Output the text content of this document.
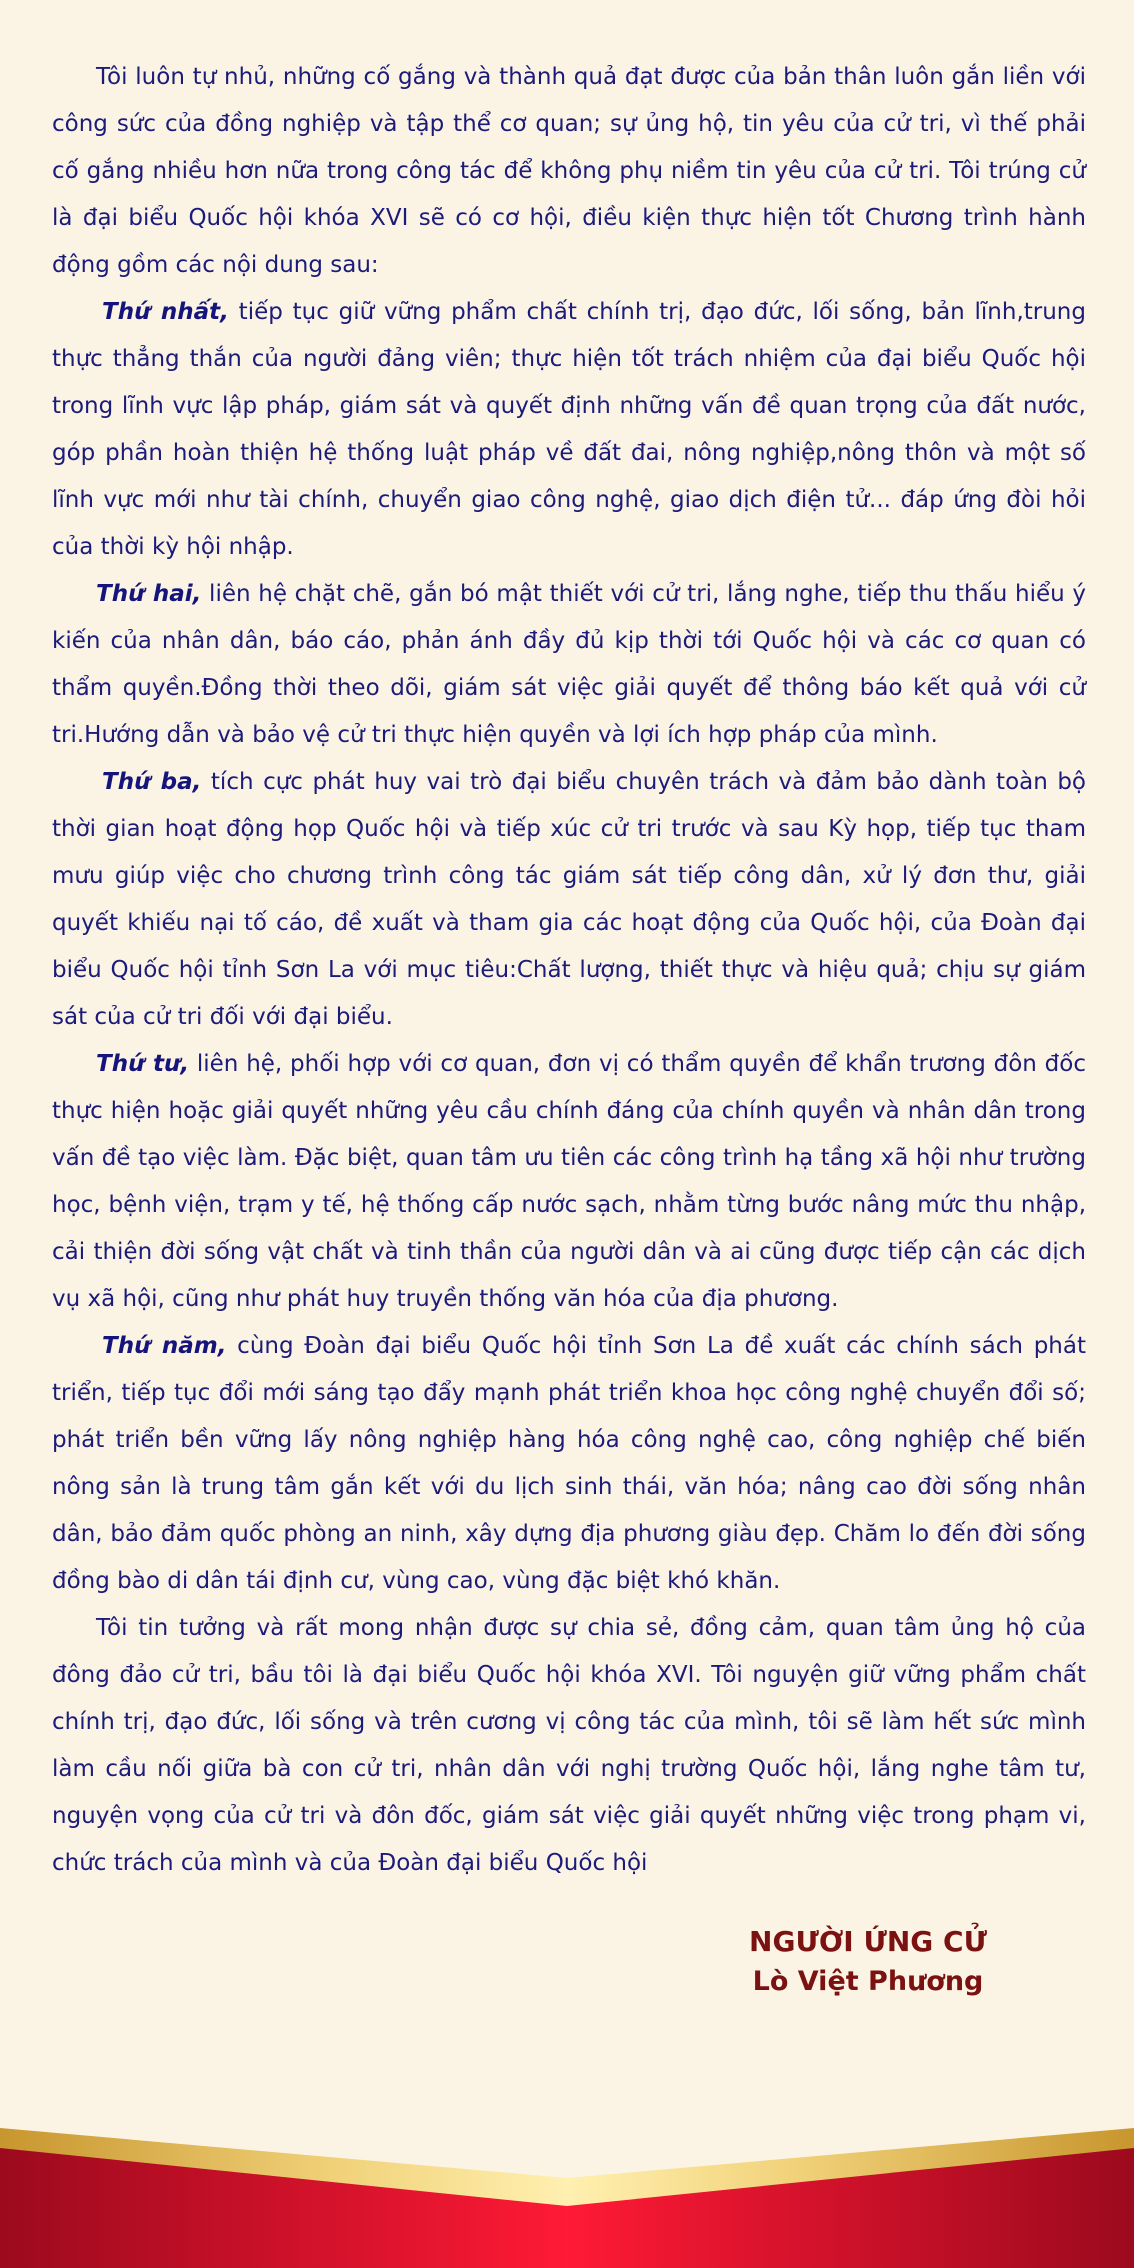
Tôi luôn tự nhủ, những cố gắng và thành quả đạt được của bản thân luôn gắn liền với công sức của đồng nghiệp và tập thể cơ quan; sự ủng hộ, tin yêu của cử tri, vì thế phải cố gắng nhiều hơn nữa trong công tác để không phụ niềm tin yêu của cử tri. Tôi trúng cử là đại biểu Quốc hội khóa XVI sẽ có cơ hội, điều kiện thực hiện tốt Chương trình hành động gồm các nội dung sau:

Thứ nhất, tiếp tục giữ vững phẩm chất chính trị, đạo đức, lối sống, bản lĩnh,trung thực thẳng thắn của người đảng viên; thực hiện tốt trách nhiệm của đại biểu Quốc hội trong lĩnh vực lập pháp, giám sát và quyết định những vấn đề quan trọng của đất nước, góp phần hoàn thiện hệ thống luật pháp về đất đai, nông nghiệp,nông thôn và một số lĩnh vực mới như tài chính, chuyển giao công nghệ, giao dịch điện tử... đáp ứng đòi hỏi của thời kỳ hội nhập.

Thứ hai, liên hệ chặt chẽ, gắn bó mật thiết với cử tri, lắng nghe, tiếp thu thấu hiểu ý kiến của nhân dân, báo cáo, phản ánh đầy đủ kịp thời tới Quốc hội và các cơ quan có thẩm quyền.Đồng thời theo dõi, giám sát việc giải quyết để thông báo kết quả với cử tri.Hướng dẫn và bảo vệ cử tri thực hiện quyền và lợi ích hợp pháp của mình.

Thứ ba, tích cực phát huy vai trò đại biểu chuyên trách và đảm bảo dành toàn bộ thời gian hoạt động họp Quốc hội và tiếp xúc cử tri trước và sau Kỳ họp, tiếp tục tham mưu giúp việc cho chương trình công tác giám sát tiếp công dân, xử lý đơn thư, giải quyết khiếu nại tố cáo, đề xuất và tham gia các hoạt động của Quốc hội, của Đoàn đại biểu Quốc hội tỉnh Sơn La với mục tiêu:Chất lượng, thiết thực và hiệu quả; chịu sự giám sát của cử tri đối với đại biểu.

Thứ tư, liên hệ, phối hợp với cơ quan, đơn vị có thẩm quyền để khẩn trương đôn đốc thực hiện hoặc giải quyết những yêu cầu chính đáng của chính quyền và nhân dân trong vấn đề tạo việc làm. Đặc biệt, quan tâm ưu tiên các công trình hạ tầng xã hội như trường học, bệnh viện, trạm y tế, hệ thống cấp nước sạch, nhằm từng bước nâng mức thu nhập, cải thiện đời sống vật chất và tinh thần của người dân và ai cũng được tiếp cận các dịch vụ xã hội, cũng như phát huy truyền thống văn hóa của địa phương.

Thứ năm, cùng Đoàn đại biểu Quốc hội tỉnh Sơn La đề xuất các chính sách phát triển, tiếp tục đổi mới sáng tạo đẩy mạnh phát triển khoa học công nghệ chuyển đổi số; phát triển bền vững lấy nông nghiệp hàng hóa công nghệ cao, công nghiệp chế biến nông sản là trung tâm gắn kết với du lịch sinh thái, văn hóa; nâng cao đời sống nhân dân, bảo đảm quốc phòng an ninh, xây dựng địa phương giàu đẹp. Chăm lo đến đời sống đồng bào di dân tái định cư, vùng cao, vùng đặc biệt khó khăn.

Tôi tin tưởng và rất mong nhận được sự chia sẻ, đồng cảm, quan tâm ủng hộ của đông đảo cử tri, bầu tôi là đại biểu Quốc hội khóa XVI. Tôi nguyện giữ vững phẩm chất chính trị, đạo đức, lối sống và trên cương vị công tác của mình, tôi sẽ làm hết sức mình làm cầu nối giữa bà con cử tri, nhân dân với nghị trường Quốc hội, lắng nghe tâm tư, nguyện vọng của cử tri và đôn đốc, giám sát việc giải quyết những việc trong phạm vi, chức trách của mình và của Đoàn đại biểu Quốc hội

NGƯỜI ỨNG CỬ
Lò Việt Phương
